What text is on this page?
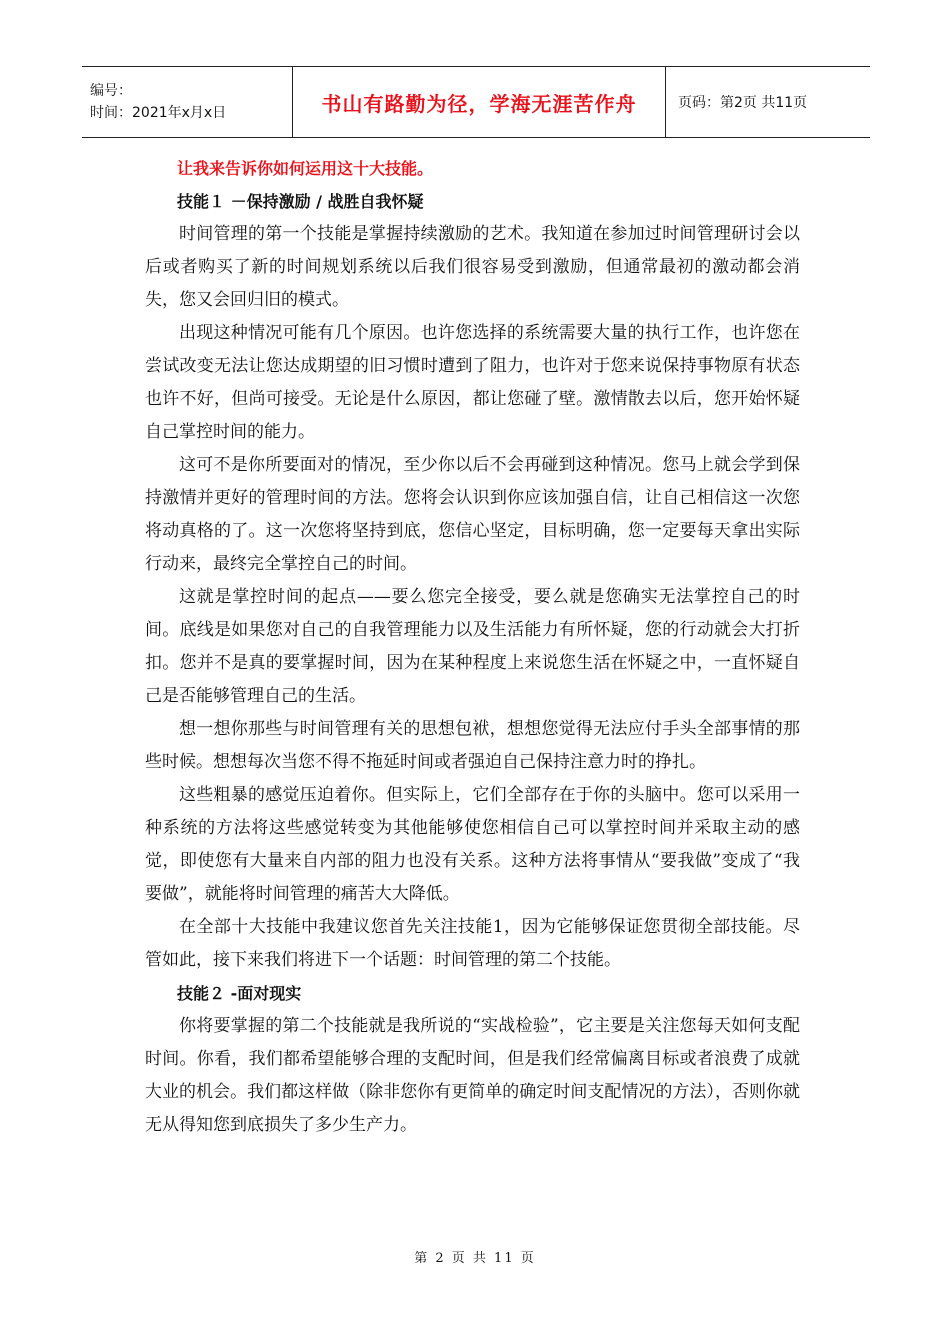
编号：
时间：2021年x月x日	书山有路勤为径，学海无涯苦作舟	页码：第2页 共11页
让我来告诉你如何运用这十大技能。
技能１ －保持激励 / 战胜自我怀疑

时间管理的第一个技能是掌握持续激励的艺术。我知道在参加过时间管理研讨会以后或者购买了新的时间规划系统以后我们很容易受到激励，但通常最初的激动都会消失，您又会回归旧的模式。

出现这种情况可能有几个原因。也许您选择的系统需要大量的执行工作，也许您在尝试改变无法让您达成期望的旧习惯时遭到了阻力，也许对于您来说保持事物原有状态也许不好，但尚可接受。无论是什么原因，都让您碰了壁。激情散去以后，您开始怀疑自己掌控时间的能力。

这可不是你所要面对的情况，至少你以后不会再碰到这种情况。您马上就会学到保持激情并更好的管理时间的方法。您将会认识到你应该加强自信，让自己相信这一次您将动真格的了。这一次您将坚持到底，您信心坚定，目标明确，您一定要每天拿出实际行动来，最终完全掌控自己的时间。

这就是掌控时间的起点——要么您完全接受，要么就是您确实无法掌控自己的时间。底线是如果您对自己的自我管理能力以及生活能力有所怀疑，您的行动就会大打折扣。您并不是真的要掌握时间，因为在某种程度上来说您生活在怀疑之中，一直怀疑自己是否能够管理自己的生活。

想一想你那些与时间管理有关的思想包袱，想想您觉得无法应付手头全部事情的那些时候。想想每次当您不得不拖延时间或者强迫自己保持注意力时的挣扎。

这些粗暴的感觉压迫着你。但实际上，它们全部存在于你的头脑中。您可以采用一种系统的方法将这些感觉转变为其他能够使您相信自己可以掌控时间并采取主动的感觉，即使您有大量来自内部的阻力也没有关系。这种方法将事情从“要我做”变成了“我要做”，就能将时间管理的痛苦大大降低。

在全部十大技能中我建议您首先关注技能1，因为它能够保证您贯彻全部技能。尽管如此，接下来我们将进下一个话题：时间管理的第二个技能。

技能２ -面对现实

你将要掌握的第二个技能就是我所说的“实战检验”，它主要是关注您每天如何支配时间。你看，我们都希望能够合理的支配时间，但是我们经常偏离目标或者浪费了成就大业的机会。我们都这样做（除非您你有更简单的确定时间支配情况的方法），否则你就无从得知您到底损失了多少生产力。

第 2 页 共 11 页
